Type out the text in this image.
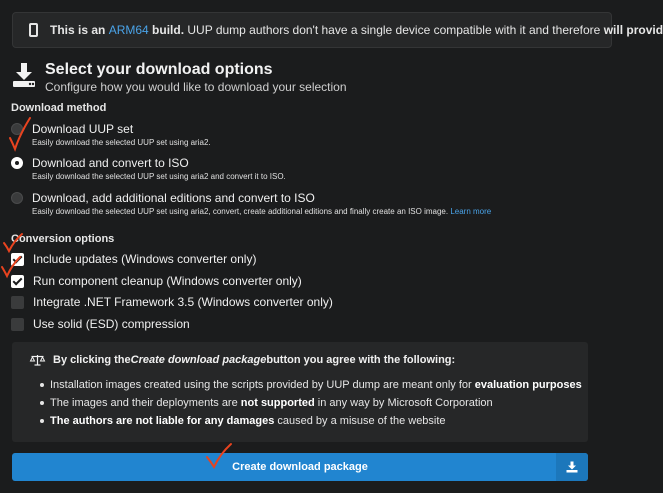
This is an ARM64 build. UUP dump authors don't have a single device compatible with it and therefore will provid
Select your download options
Configure how you would like to download your selection
Download method
Download UUP set
Easily download the selected UUP set using aria2.
Download and convert to ISO
Easily download the selected UUP set using aria2 and convert it to ISO.
Download, add additional editions and convert to ISO
Easily download the selected UUP set using aria2, convert, create additional editions and finally create an ISO image. Learn more
Conversion options
Include updates (Windows converter only)
Run component cleanup (Windows converter only)
Integrate .NET Framework 3.5 (Windows converter only)
Use solid (ESD) compression
By clicking the Create download package button you agree with the following:
Installation images created using the scripts provided by UUP dump are meant only for evaluation purposes
The images and their deployments are not supported in any way by Microsoft Corporation
The authors are not liable for any damages caused by a misuse of the website
Create download package
